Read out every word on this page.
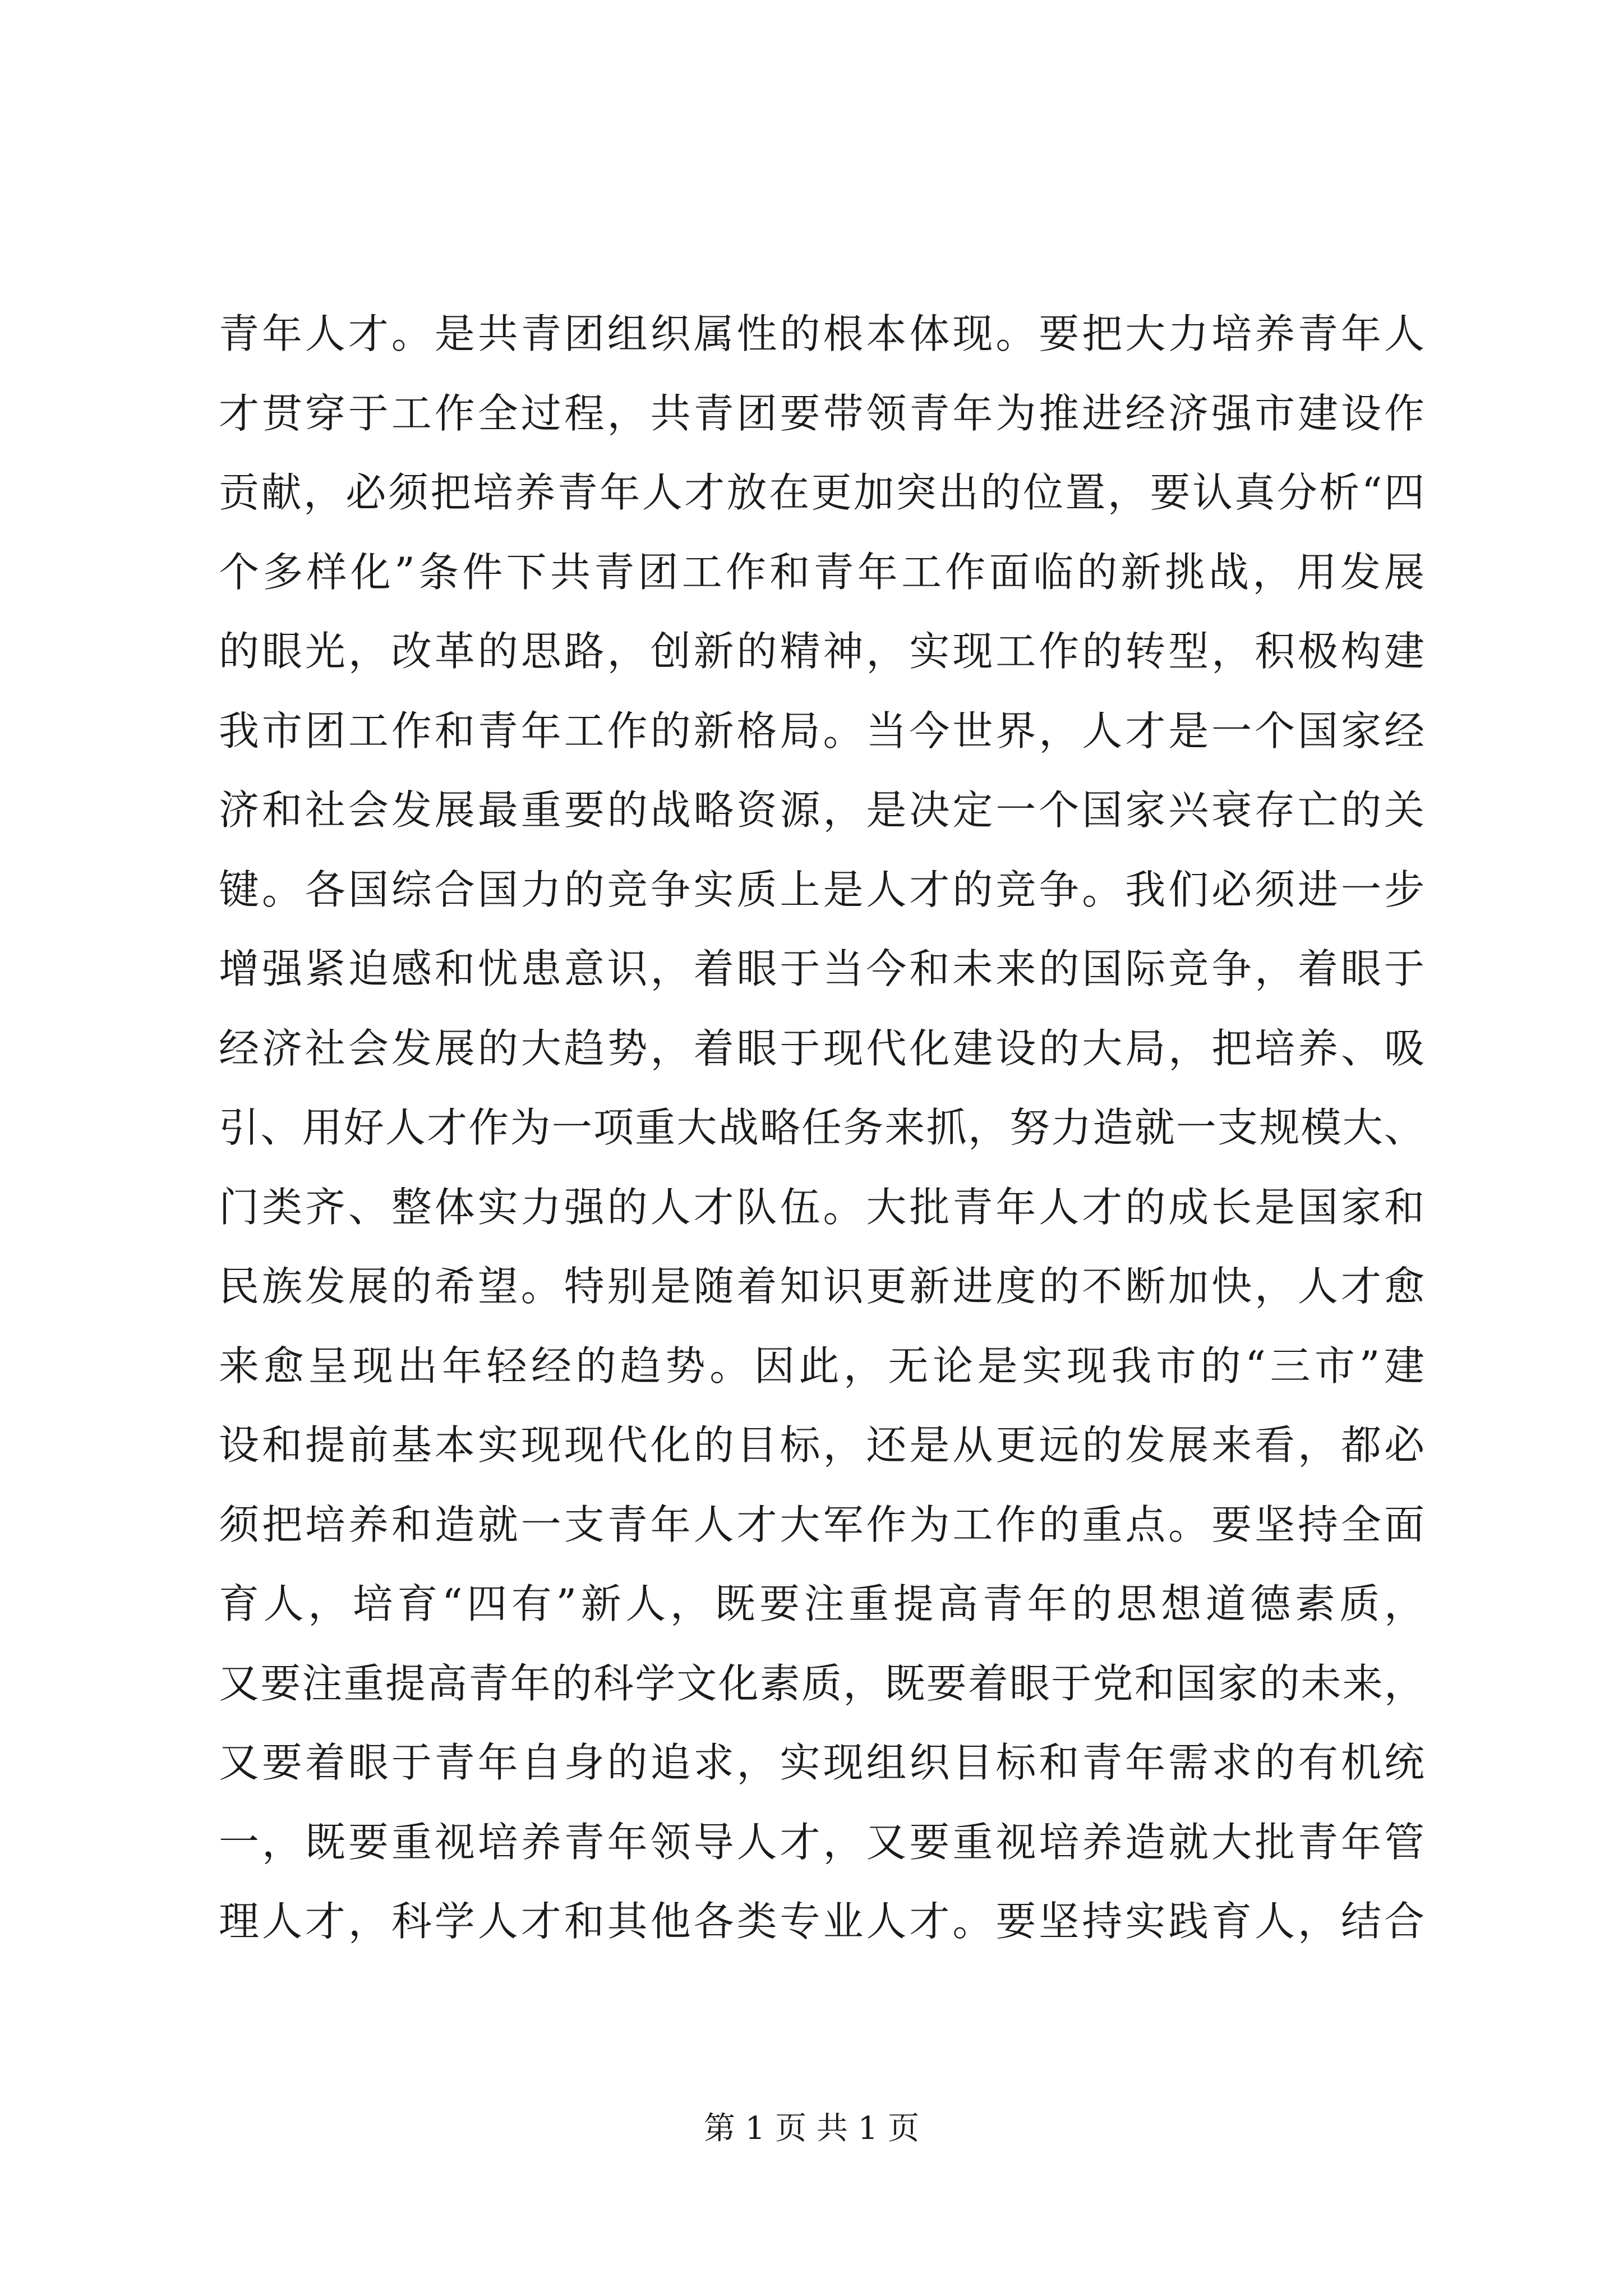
青年人才。是共青团组织属性的根本体现。要把大力培养青年人
才贯穿于工作全过程，共青团要带领青年为推进经济强市建设作
贡献，必须把培养青年人才放在更加突出的位置，要认真分析“四
个多样化”条件下共青团工作和青年工作面临的新挑战，用发展
的眼光，改革的思路，创新的精神，实现工作的转型，积极构建
我市团工作和青年工作的新格局。当今世界，人才是一个国家经
济和社会发展最重要的战略资源，是决定一个国家兴衰存亡的关
键。各国综合国力的竞争实质上是人才的竞争。我们必须进一步
增强紧迫感和忧患意识，着眼于当今和未来的国际竞争，着眼于
经济社会发展的大趋势，着眼于现代化建设的大局，把培养、吸
引、用好人才作为一项重大战略任务来抓，努力造就一支规模大、
门类齐、整体实力强的人才队伍。大批青年人才的成长是国家和
民族发展的希望。特别是随着知识更新进度的不断加快，人才愈
来愈呈现出年轻经的趋势。因此，无论是实现我市的“三市”建
设和提前基本实现现代化的目标，还是从更远的发展来看，都必
须把培养和造就一支青年人才大军作为工作的重点。要坚持全面
育人，培育“四有”新人，既要注重提高青年的思想道德素质，
又要注重提高青年的科学文化素质，既要着眼于党和国家的未来，
又要着眼于青年自身的追求，实现组织目标和青年需求的有机统
一，既要重视培养青年领导人才，又要重视培养造就大批青年管
理人才，科学人才和其他各类专业人才。要坚持实践育人，结合
第 1 页 共 1 页
